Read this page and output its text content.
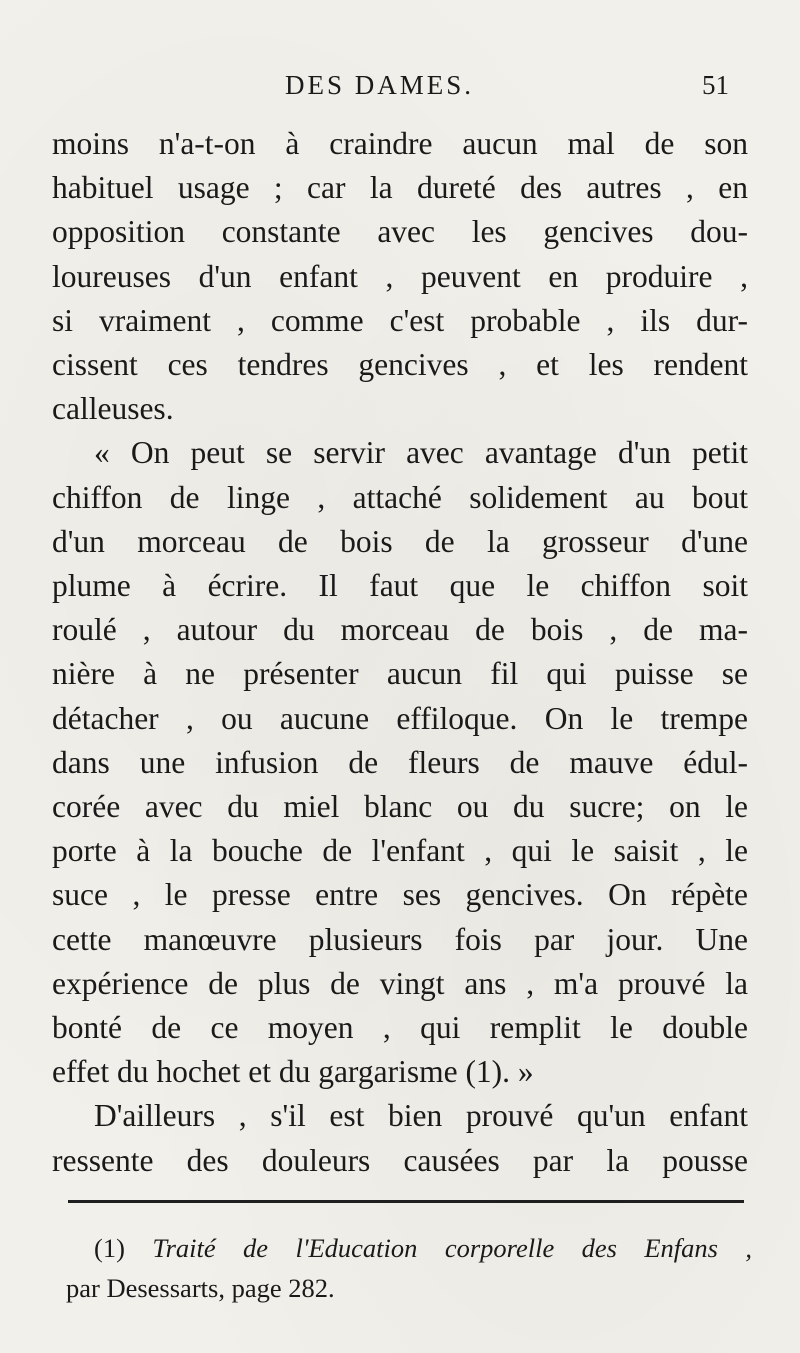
DES DAMES.	51
moins n'a-t-on à craindre aucun mal de son
habituel usage ; car la dureté des autres , en
opposition constante avec les gencives dou-
loureuses d'un enfant , peuvent en produire ,
si vraiment , comme c'est probable , ils dur-
cissent ces tendres gencives , et les rendent
calleuses.
« On peut se servir avec avantage d'un petit
chiffon de linge , attaché solidement au bout
d'un morceau de bois de la grosseur d'une
plume à écrire. Il faut que le chiffon soit
roulé , autour du morceau de bois , de ma-
nière à ne présenter aucun fil qui puisse se
détacher , ou aucune effiloque. On le trempe
dans une infusion de fleurs de mauve édul-
corée avec du miel blanc ou du sucre; on le
porte à la bouche de l'enfant , qui le saisit , le
suce , le presse entre ses gencives. On répète
cette manœuvre plusieurs fois par jour. Une
expérience de plus de vingt ans , m'a prouvé la
bonté de ce moyen , qui remplit le double
effet du hochet et du gargarisme (1). »
D'ailleurs , s'il est bien prouvé qu'un enfant
ressente des douleurs causées par la pousse
(1) Traité de l'Education corporelle des Enfans ,
par Desessarts, page 282.
